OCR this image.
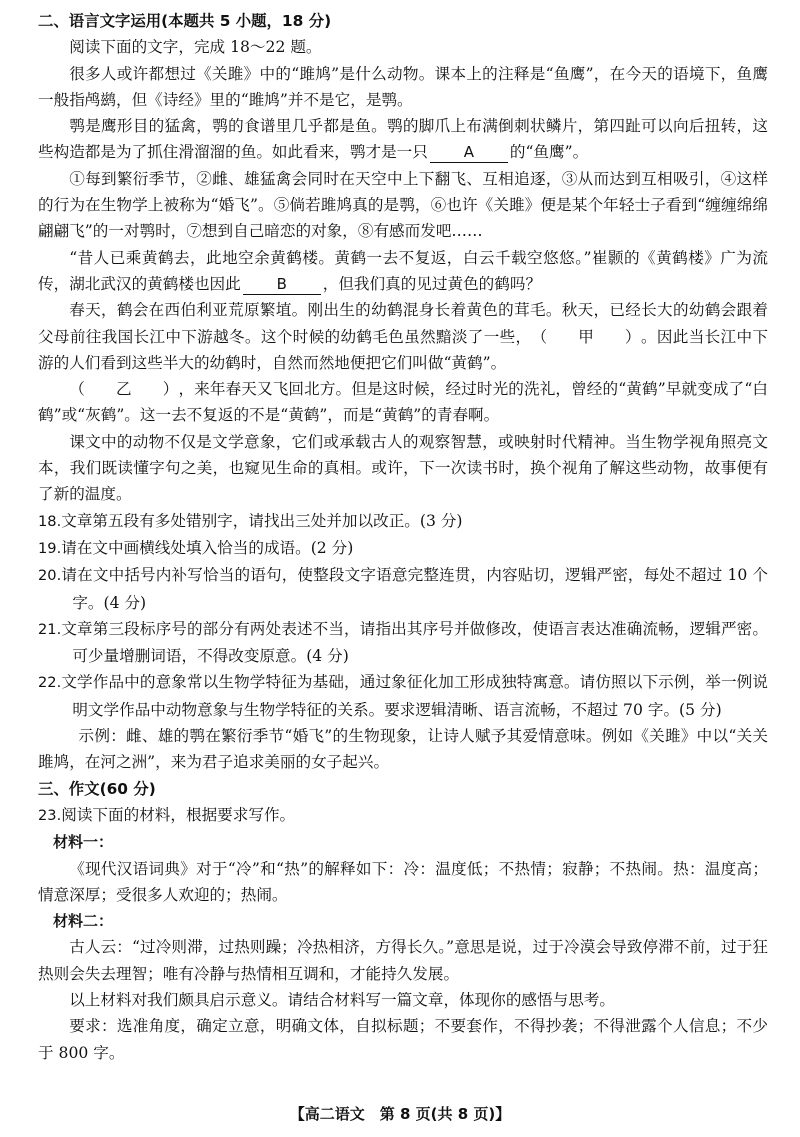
二、语言文字运用(本题共 5 小题，18 分)

阅读下面的文字，完成 18～22 题。

很多人或许都想过《关雎》中的“雎鸠”是什么动物。课本上的注释是“鱼鹰”，在今天的语境下，鱼鹰一般指鸬鹚，但《诗经》里的“雎鸠”并不是它，是鹗。

鹗是鹰形目的猛禽，鹗的食谱里几乎都是鱼。鹗的脚爪上布满倒刺状鳞片，第四趾可以向后扭转，这些构造都是为了抓住滑溜溜的鱼。如此看来，鹗才是一只 A 的“鱼鹰”。

①每到繁衍季节，②雌、雄猛禽会同时在天空中上下翻飞、互相追逐，③从而达到互相吸引，④这样的行为在生物学上被称为“婚飞”。⑤倘若雎鸠真的是鹗，⑥也许《关雎》便是某个年轻士子看到“缠缠绵绵翩翩飞”的一对鹗时，⑦想到自己暗恋的对象，⑧有感而发吧……

“昔人已乘黄鹤去，此地空余黄鹤楼。黄鹤一去不复返，白云千载空悠悠。”崔颢的《黄鹤楼》广为流传，湖北武汉的黄鹤楼也因此 B ，但我们真的见过黄色的鹤吗？

春天，鹤会在西伯利亚荒原繁埴。刚出生的幼鹤混身长着黄色的茸毛。秋天，已经长大的幼鹤会跟着父母前往我国长江中下游越冬。这个时候的幼鹤毛色虽然黯淡了一些，（　　甲　　）。因此当长江中下游的人们看到这些半大的幼鹤时，自然而然地便把它们叫做“黄鹤”。

（　　乙　　），来年春天又飞回北方。但是这时候，经过时光的洗礼，曾经的“黄鹤”早就变成了“白鹤”或“灰鹤”。这一去不复返的不是“黄鹤”，而是“黄鹤”的青春啊。

课文中的动物不仅是文学意象，它们或承载古人的观察智慧，或映射时代精神。当生物学视角照亮文本，我们既读懂字句之美，也窥见生命的真相。或许，下一次读书时，换个视角了解这些动物，故事便有了新的温度。

18.文章第五段有多处错别字，请找出三处并加以改正。(3 分)

19.请在文中画横线处填入恰当的成语。(2 分)

20.请在文中括号内补写恰当的语句，使整段文字语意完整连贯，内容贴切，逻辑严密，每处不超过 10 个字。(4 分)

21.文章第三段标序号的部分有两处表述不当，请指出其序号并做修改，使语言表达准确流畅，逻辑严密。可少量增删词语，不得改变原意。(4 分)

22.文学作品中的意象常以生物学特征为基础，通过象征化加工形成独特寓意。请仿照以下示例，举一例说明文学作品中动物意象与生物学特征的关系。要求逻辑清晰、语言流畅，不超过 70 字。(5 分)

示例：雌、雄的鹗在繁衍季节“婚飞”的生物现象，让诗人赋予其爱情意味。例如《关雎》中以“关关雎鸠，在河之洲”，来为君子追求美丽的女子起兴。

三、作文(60 分)

23.阅读下面的材料，根据要求写作。

材料一：

《现代汉语词典》对于“冷”和“热”的解释如下：冷：温度低；不热情；寂静；不热闹。热：温度高；情意深厚；受很多人欢迎的；热闹。

材料二：

古人云：“过冷则滞，过热则躁；冷热相济，方得长久。”意思是说，过于冷漠会导致停滞不前，过于狂热则会失去理智；唯有冷静与热情相互调和，才能持久发展。

以上材料对我们颇具启示意义。请结合材料写一篇文章，体现你的感悟与思考。

要求：选准角度，确定立意，明确文体，自拟标题；不要套作，不得抄袭；不得泄露个人信息；不少于 800 字。

【高二语文　第 8 页(共 8 页)】
